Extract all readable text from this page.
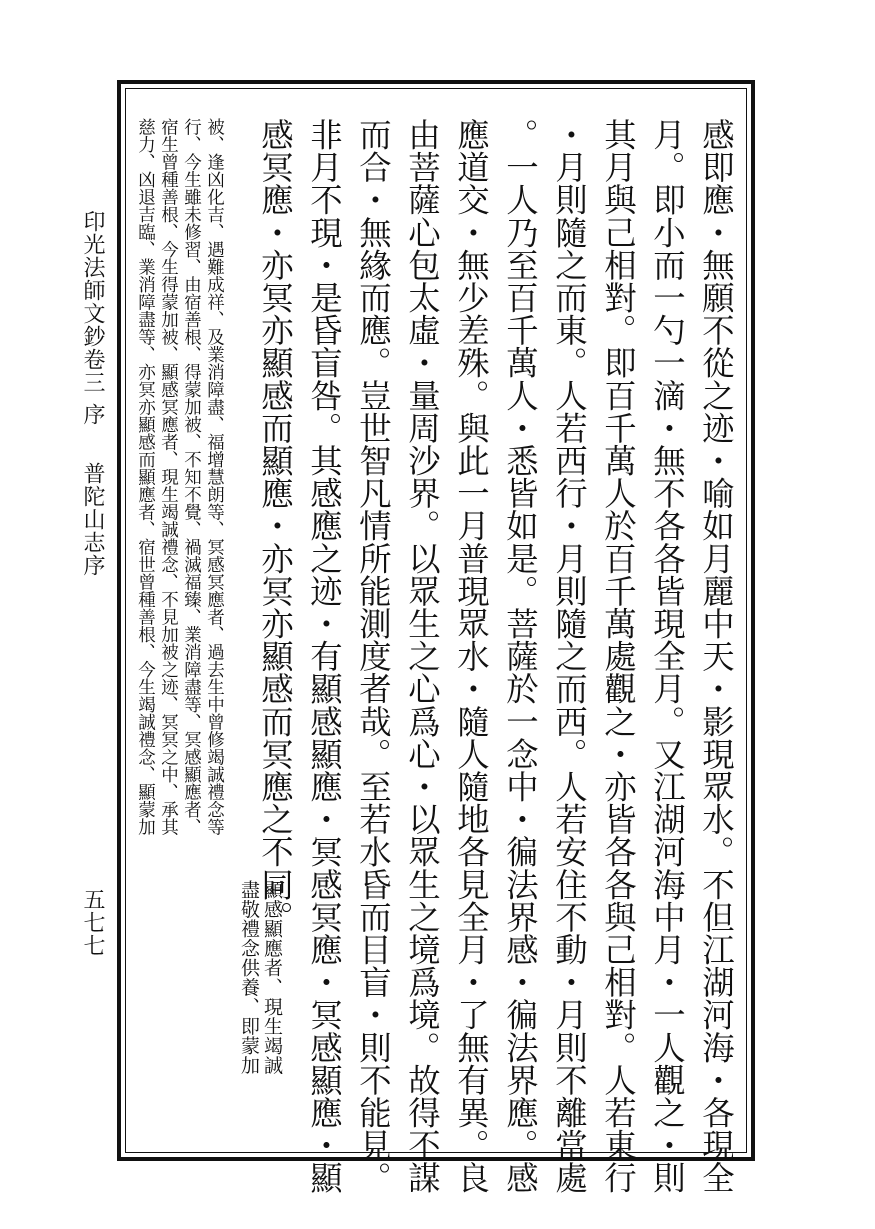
印光法師文鈔卷三
序
普陀山志序
五七七	感即應・無願不從之迹・喻如月麗中天・影現眾水。不但江湖河海・各現全
月。即小而一勺一滴・無不各各皆現全月。又江湖河海中月・一人觀之・則
其月與己相對。即百千萬人於百千萬處觀之・亦皆各各與己相對。人若東行
・月則隨之而東。人若西行・月則隨之而西。人若安住不動・月則不離當處
。一人乃至百千萬人・悉皆如是。菩薩於一念中・徧法界感・徧法界應。感
應道交・無少差殊。與此一月普現眾水・隨人隨地各見全月・了無有異。良
由菩薩心包太虛・量周沙界。以眾生之心爲心・以眾生之境爲境。故得不謀
而合・無緣而應。豈世智凡情所能測度者哉。至若水昏而目盲・則不能見。
非月不現・是昏盲咎。其感應之迹・有顯感顯應・冥感冥應・冥感顯應・顯
感冥應・亦冥亦顯感而顯應・亦冥亦顯感而冥應之不同。
顯感顯應者、現生竭誠
盡敬禮念供養、即蒙加
被、逢凶化吉、遇難成祥、及業消障盡、福增慧朗等、冥感冥應者、過去生中曾修竭誠禮念等
行、今生雖未修習、由宿善根、得蒙加被、不知不覺、禍滅福臻、業消障盡等、冥感顯應者、
宿生曾種善根、今生得蒙加被、顯感冥應者、現生竭誠禮念、不見加被之迹、冥冥之中、承其
慈力、凶退吉臨、業消障盡等、亦冥亦顯感而顯應者、宿世曾種善根、今生竭誠禮念、顯蒙加
